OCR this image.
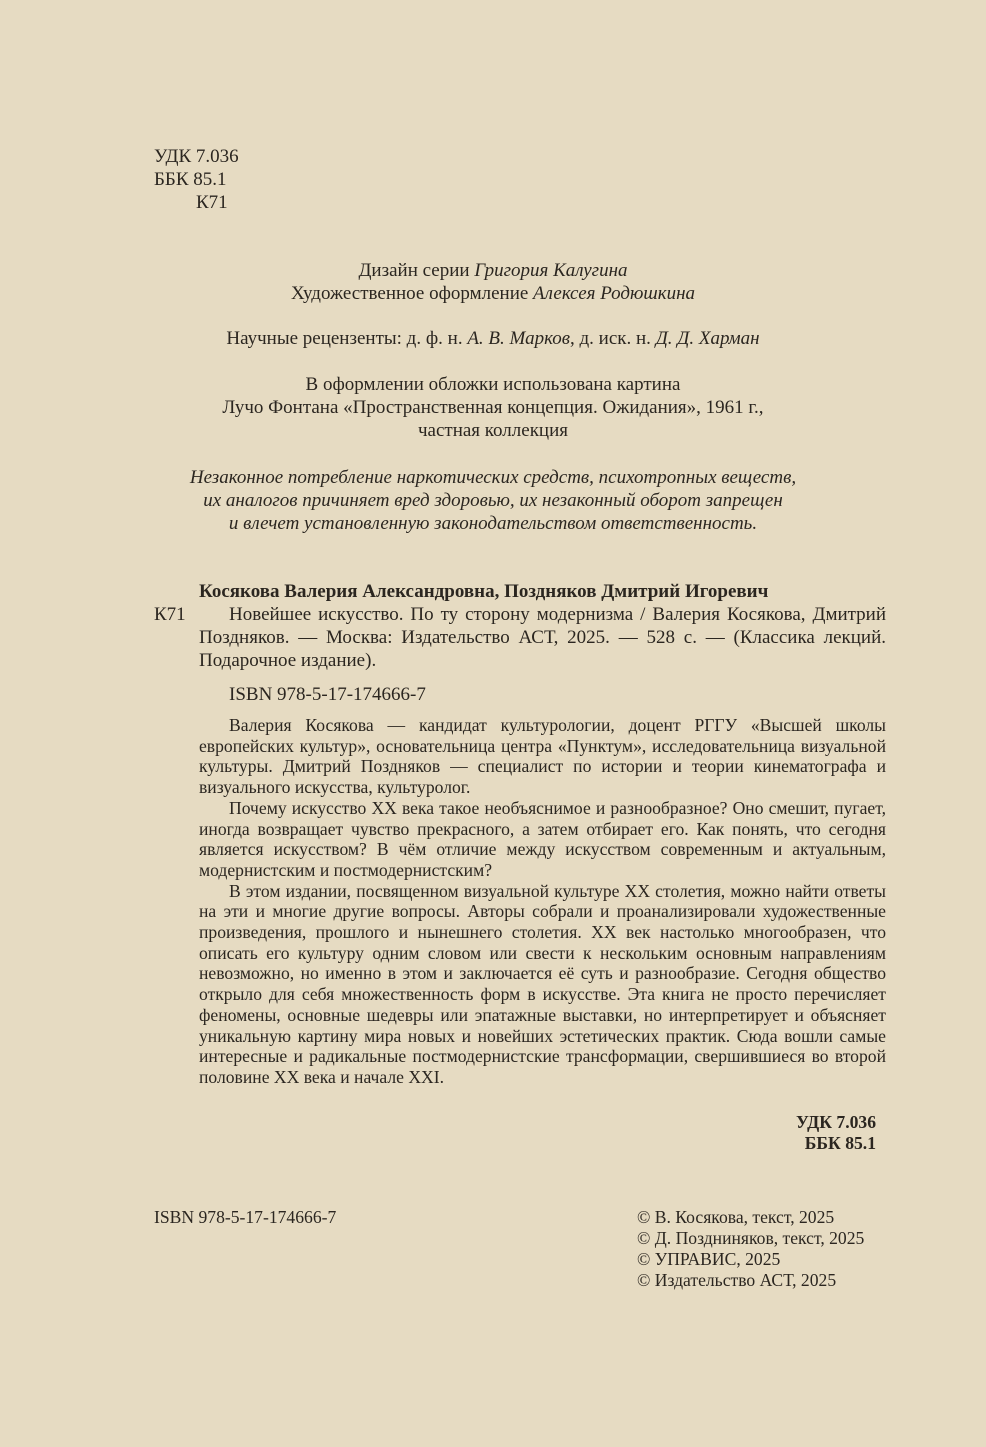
УДК 7.036
ББК 85.1
К71
Дизайн серии Григория Калугина
Художественное оформление Алексея Родюшкина
Научные рецензенты: д. ф. н. А. В. Марков, д. иск. н. Д. Д. Харман
В оформлении обложки использована картина
Лучо Фонтана «Пространственная концепция. Ожидания», 1961 г.,
частная коллекция
Незаконное потребление наркотических средств, психотропных веществ,
их аналогов причиняет вред здоровью, их незаконный оборот запрещен
и влечет установленную законодательством ответственность.
Косякова Валерия Александровна, Поздняков Дмитрий Игоревич
К71	Новейшее искусство. По ту сторону модернизма / Валерия Косякова, Дмитрий Поздняков. — Москва: Издательство АСТ, 2025. — 528 с. — (Классика лекций. Подарочное издание).
ISBN 978-5-17-174666-7

Валерия Косякова — кандидат культурологии, доцент РГГУ «Высшей школы европейских культур», основательница центра «Пунктум», исследовательница визуальной культуры. Дмитрий Поздняков — специалист по истории и теории кинематографа и визуального искусства, культуролог.

Почему искусство XX века такое необъяснимое и разнообразное? Оно смешит, пугает, иногда возвращает чувство прекрасного, а затем отбирает его. Как понять, что сегодня является искусством? В чём отличие между искусством современным и актуальным, модернистским и постмодернистским?

В этом издании, посвященном визуальной культуре XX столетия, можно найти ответы на эти и многие другие вопросы. Авторы собрали и проанализировали художественные произведения, прошлого и нынешнего столетия. XX век настолько многообразен, что описать его культуру одним словом или свести к нескольким основным направлениям невозможно, но именно в этом и заключается её суть и разнообразие. Сегодня общество открыло для себя множественность форм в искусстве. Эта книга не просто перечисляет феномены, основные шедевры или эпатажные выставки, но интерпретирует и объясняет уникальную картину мира новых и новейших эстетических практик. Сюда вошли самые интересные и радикальные постмодернистские трансформации, свершившиеся во второй половине XX века и начале XXI.

УДК 7.036
ББК 85.1
ISBN 978-5-17-174666-7	© В. Косякова, текст, 2025
© Д. Поздниняков, текст, 2025
© УПРАВИС, 2025
© Издательство АСТ, 2025
